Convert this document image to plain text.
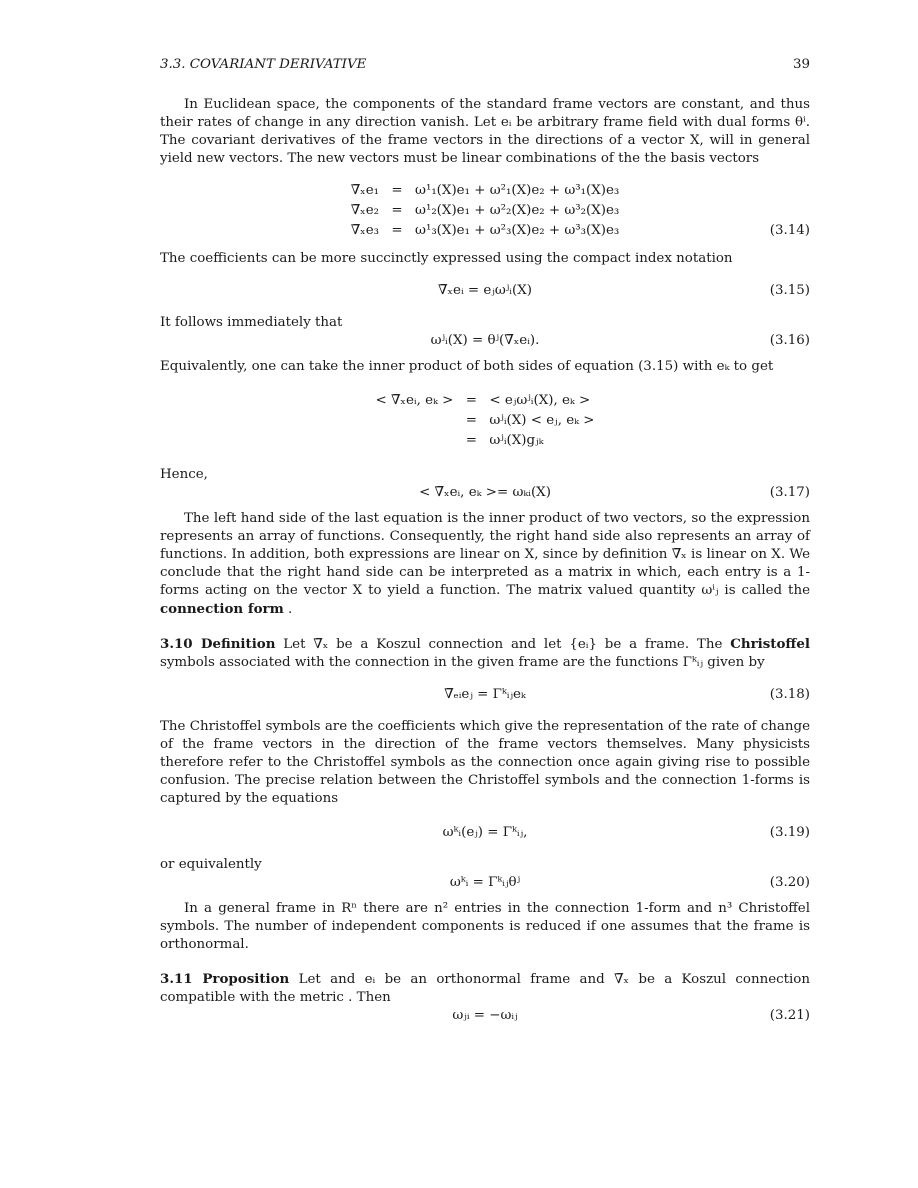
3.3. COVARIANT DERIVATIVE	39

In Euclidean space, the components of the standard frame vectors are constant, and thus their rates of change in any direction vanish. Let eᵢ be arbitrary frame field with dual forms θⁱ. The covariant derivatives of the frame vectors in the directions of a vector X, will in general yield new vectors. The new vectors must be linear combinations of the the basis vectors

∇̅ₓe₁ = ω¹₁(X)e₁ + ω²₁(X)e₂ + ω³₁(X)e₃
∇̅ₓe₂ = ω¹₂(X)e₁ + ω²₂(X)e₂ + ω³₂(X)e₃
∇̅ₓe₃ = ω¹₃(X)e₁ + ω²₃(X)e₂ + ω³₃(X)e₃	(3.14)

The coefficients can be more succinctly expressed using the compact index notation

∇̅ₓeᵢ = eⱼωʲᵢ(X)	(3.15)

It follows immediately that

ωʲᵢ(X) = θʲ(∇̅ₓeᵢ).	(3.16)

Equivalently, one can take the inner product of both sides of equation (3.15) with eₖ to get

< ∇̅ₓeᵢ, eₖ > = < eⱼωʲᵢ(X), eₖ >
= ωʲᵢ(X) < eⱼ, eₖ >
= ωʲᵢ(X)gⱼₖ

Hence,

< ∇̅ₓeᵢ, eₖ >= ωₖᵢ(X)	(3.17)

The left hand side of the last equation is the inner product of two vectors, so the expression represents an array of functions. Consequently, the right hand side also represents an array of functions. In addition, both expressions are linear on X, since by definition ∇̅ₓ is linear on X. We conclude that the right hand side can be interpreted as a matrix in which, each entry is a 1-forms acting on the vector X to yield a function. The matrix valued quantity ωⁱⱼ is called the connection form .

3.10 Definition Let ∇̅ₓ be a Koszul connection and let {eᵢ} be a frame. The Christoffel symbols associated with the connection in the given frame are the functions Γᵏᵢⱼ given by

∇̅ₑᵢeⱼ = Γᵏᵢⱼeₖ	(3.18)

The Christoffel symbols are the coefficients which give the representation of the rate of change of the frame vectors in the direction of the frame vectors themselves. Many physicists therefore refer to the Christoffel symbols as the connection once again giving rise to possible confusion. The precise relation between the Christoffel symbols and the connection 1-forms is captured by the equations

ωᵏᵢ(eⱼ) = Γᵏᵢⱼ,	(3.19)

or equivalently

ωᵏᵢ = Γᵏᵢⱼθʲ	(3.20)

In a general frame in Rⁿ there are n² entries in the connection 1-form and n³ Christoffel symbols. The number of independent components is reduced if one assumes that the frame is orthonormal.

3.11 Proposition Let and eᵢ be an orthonormal frame and ∇̅ₓ be a Koszul connection compatible with the metric . Then

ωⱼᵢ = −ωᵢⱼ	(3.21)
